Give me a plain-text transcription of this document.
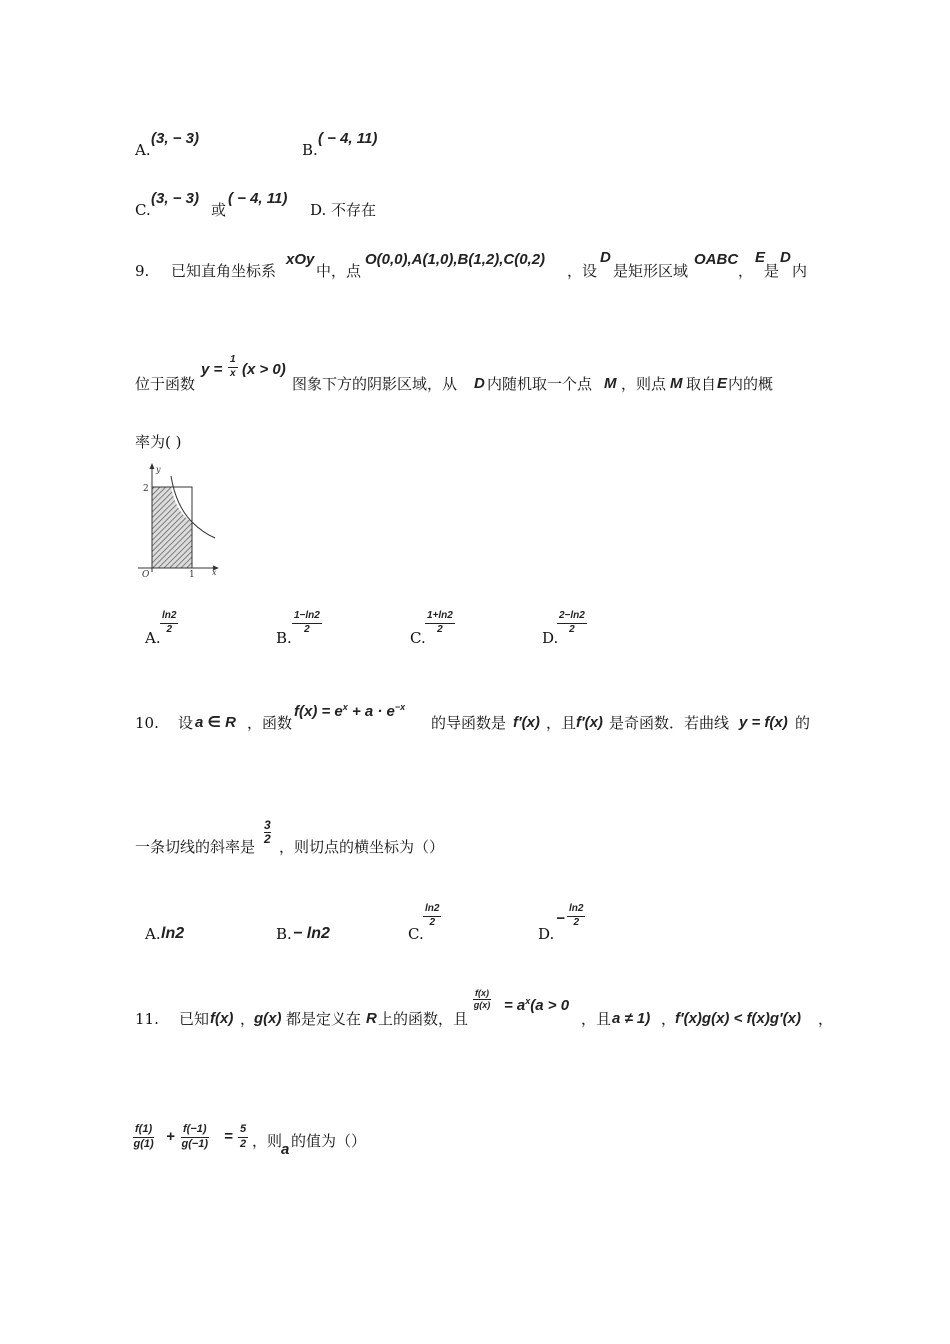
A.
(3, − 3)
B.
( − 4, 11)
C.
(3, − 3)
或
( − 4, 11)
D. 不存在
9. 已知直角坐标系
xOy
中，点
O(0,0),A(1,0),B(1,2),C(0,2)
，设
D
是矩形区域
OABC
，
E
是
D
内
位于函数
$y = \frac{1}{x} (x > 0)$
图象下方的阴影区域，从 D 内随机取一个点 M ，则点 M 取自 E 内的概
率为( )
y
x
O
2
1
A.
$\frac{\ln 2}{2}$
B.
$\frac{1-\ln 2}{2}$
C.
$\frac{1+\ln 2}{2}$
D.
$\frac{2-\ln 2}{2}$
10. 设 a ∈ R ，函数
$f(x) = e^x + a \cdot e^{-x}$
的导函数是 f′(x) ，且 f′(x) 是奇函数．若曲线 y = f(x) 的
一条切线的斜率是
$\frac{3}{2}$
，则切点的横坐标为（）
A. ln2	B. − ln2	C.
$\frac{\ln 2}{2}$
D.
− $\frac{\ln 2}{2}$
11. 已知 f(x) ，
g(x) 都是定义在 R 上的函数，且
$\frac{f(x)}{g(x)} = a^x(a > 0$
，且 a ≠ 1) ，
f′(x)g(x) < f(x)g′(x) ，
$\frac{f(1)}{g(1)} + \frac{f(-1)}{g(-1)} = \frac{5}{2}$ ，则
a 的值为（）
